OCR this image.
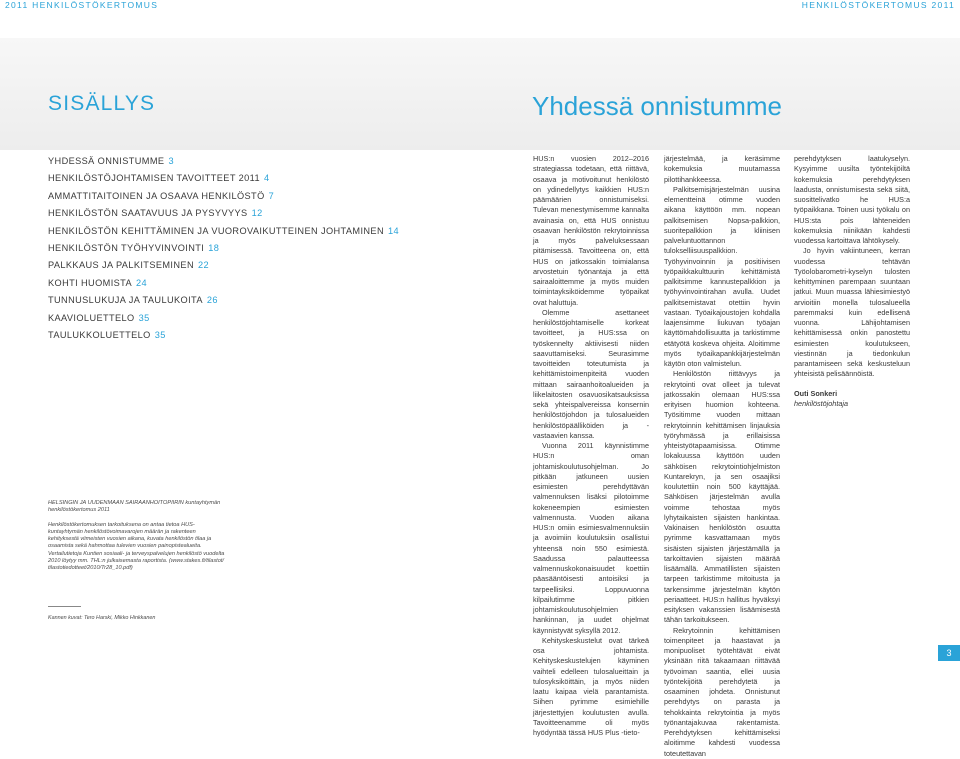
2011 HENKILÖSTÖKERTOMUS	HENKILÖSTÖKERTOMUS 2011
SISÄLLYS	Yhdessä onnistumme
YHDESSÄ ONNISTUMME 3
HENKILÖSTÖJOHTAMISEN TAVOITTEET 2011 4
AMMATTITAITOINEN JA OSAAVA HENKILÖSTÖ 7
HENKILÖSTÖN SAATAVUUS JA PYSYVYYS 12
HENKILÖSTÖN KEHITTÄMINEN JA VUOROVAIKUTTEINEN JOHTAMINEN 14
HENKILÖSTÖN TYÖHYVINVOINTI 18
PALKKAUS JA PALKITSEMINEN 22
KOHTI HUOMISTA 24
TUNNUSLUKUJA JA TAULUKOITA 26
KAAVIOLUETTELO 35
TAULUKKOLUETTELO 35

HELSINGIN JA UUDENMAAN SAIRAANHOITOPIIRIN kuntayhtymän henkilöstökertomus 2011

Henkilöstökertomuksen tarkoituksena on antaa tietoa HUS-kuntayhtymän henkilöstövoimavarojen määrän ja rakenteen kehityksestä viimeisten vuosien aikana, kuvata henkilöstön tilaa ja osaamista sekä hahmottaa tulevien vuosien painopistealueita. Vertailutietoja Kuntien sosiaali- ja terveyspalvelujen henkilöstö vuodelta 2010 löytyy mm. THL:n julkaisemasta raportista. (www.stakes.fi/tilastot/ tilastotiedotteet/2010/Tr28_10.pdf)

Kannen kuvat: Tero Harski, Mikko Hinkkanen

HUS:n vuosien 2012–2016 strategiassa todetaan, että riittävä, osaava ja motivoitunut henkilöstö on ydinedellytys kaikkien HUS:n päämäärien onnistumiseksi. Tulevan menestymisemme kannalta avainasia on, että HUS onnistuu osaavan henkilöstön rekrytoinnissa ja myös palveluksessaan pitämisessä. Tavoitteena on, että HUS on jatkossakin toimialansa arvostetuin työnantaja ja että sairaaloittemme ja myös muiden toimintayksiköidemme työpaikat ovat haluttuja.

Olemme asettaneet henkilöstöjohtamiselle korkeat tavoitteet, ja HUS:ssa on työskennelty aktiivisesti niiden saavuttamiseksi. Seurasimme tavoitteiden toteutumista ja kehittämistoimenpiteitä vuoden mittaan sairaanhoitoalueiden ja liikelaitosten osavuosikatsauksissa sekä yhteispalvereissa konsernin henkilöstöjohdon ja tulosalueiden henkilöstöpäälliköiden ja -vastaavien kanssa.

Vuonna 2011 käynnistimme HUS:n oman johtamiskoulutusohjelman. Jo pitkään jatkuneen uusien esimiesten perehdyttävän valmennuksen lisäksi pilotoimme kokeneempien esimiesten valmennusta. Vuoden aikana HUS:n omiin esimiesvalmennuksiin ja avoimiin koulutuksiin osallistui yhteensä noin 550 esimiestä. Saadussa palautteessa valmennuskokonaisuudet koettiin päasääntöisesti antoisiksi ja tarpeellisiksi. Loppuvuonna kilpailutimme pitkien johtamiskoulutusohjelmien hankinnan, ja uudet ohjelmat käynnistyvät syksyllä 2012.

Kehityskeskustelut ovat tärkeä osa johtamista. Kehityskeskustelujen käyminen vaihteli edelleen tulosalueittain ja tulosyksiköittäin, ja myös niiden laatu kaipaa vielä parantamista. Siihen pyrimme esimiehille järjestettyjen koulutusten avulla. Tavoitteenamme oli myös hyödyntää tässä HUS Plus -tieto-

järjestelmää, ja keräsimme kokemuksia muutamassa pilottihankkeessa.

Palkitsemisjärjestelmän uusina elementteinä otimme vuoden aikana käyttöön mm. nopean palkitsemisen Nopsa-palkkion, suoritepalkkion ja kliinisen palveluntuottannon tulokselliisuuspalkkion. Työhyvinvoinnin ja positiivisen työpaikkakulttuurin kehittämistä palkitsimme kannustepalkkion ja työhyvinvointirahan avulla. Uudet palkitsemistavat otettiin hyvin vastaan. Työaikajoustojen kohdalla laajensimme liukuvan työajan käyttömahdollisuutta ja tarkistimme etätyötä koskeva ohjeita. Aloitimme myös työaikapankkijärjestelmän käytön oton valmistelun.

Henkilöstön riittävyys ja rekrytointi ovat olleet ja tulevat jatkossakin olemaan HUS:ssa erityisen huomion kohteena. Työsitimme vuoden mittaan rekrytoinnin kehittämisen linjauksia työryhmässä ja erillaisissa yhteistyötapaamisissa. Otimme lokakuussa käyttöön uuden sähköisen rekrytointiohjelmiston Kuntarekryn, ja sen osaajiksi koulutettiin noin 500 käyttäjää. Sähköisen järjestelmän avulla voimme tehostaa myös lyhytaikaisten sijaisten hankintaa. Vakinaisen henkilöstön osuutta pyrimme kasvattamaan myös sisäisten sijaisten järjestämällä ja tarkoittavien sijaisten määrää lisäämällä. Ammatillisten sijaisten tarpeen tarkistimme mitoitusta ja tarkensimme järjestelmän käytön periaatteet. HUS:n hallitus hyväksyi esityksen vakanssien lisäämisestä tähän tarkoitukseen.

Rekrytoinnin kehittämisen toimenpiteet ja haastavat ja monipuoliset työtehtävät eivät yksinään riitä takaamaan riittävää työvoiman saantia, ellei uusia työntekijöitä perehdytetä ja osaaminen johdeta. Onnistunut perehdytys on parasta ja tehokkainta rekrytointia ja myös työnantajakuvaa rakentamista. Perehdytyksen kehittämiseksi aloitimme kahdesti vuodessa toteutettavan

perehdytyksen laatukyselyn. Kysyimme uusilta työntekijöiltä kokemuksia perehdytyksen laadusta, onnistumisesta sekä siitä, suosittelivatko he HUS:a työpaikkana. Toinen uusi työkalu on HUS:sta pois lähteneiden kokemuksia niinikään kahdesti vuodessa kartoittava lähtökysely.

Jo hyvin vakiintuneen, kerran vuodessa tehtävän Työolobarometri-kyselyn tulosten kehittyminen parempaan suuntaan jatkui. Muun muassa lähiesimiestyö arvioitiin monella tulosalueella paremmaksi kuin edellisenä vuonna. Lähijohtamisen kehittämisessä onkin panostettu esimiesten koulutukseen, viestinnän ja tiedonkulun parantamiseen sekä keskusteluun yhteisistä pelisäännöistä.

Outi Sonkeri

henkilöstöjohtaja

3
